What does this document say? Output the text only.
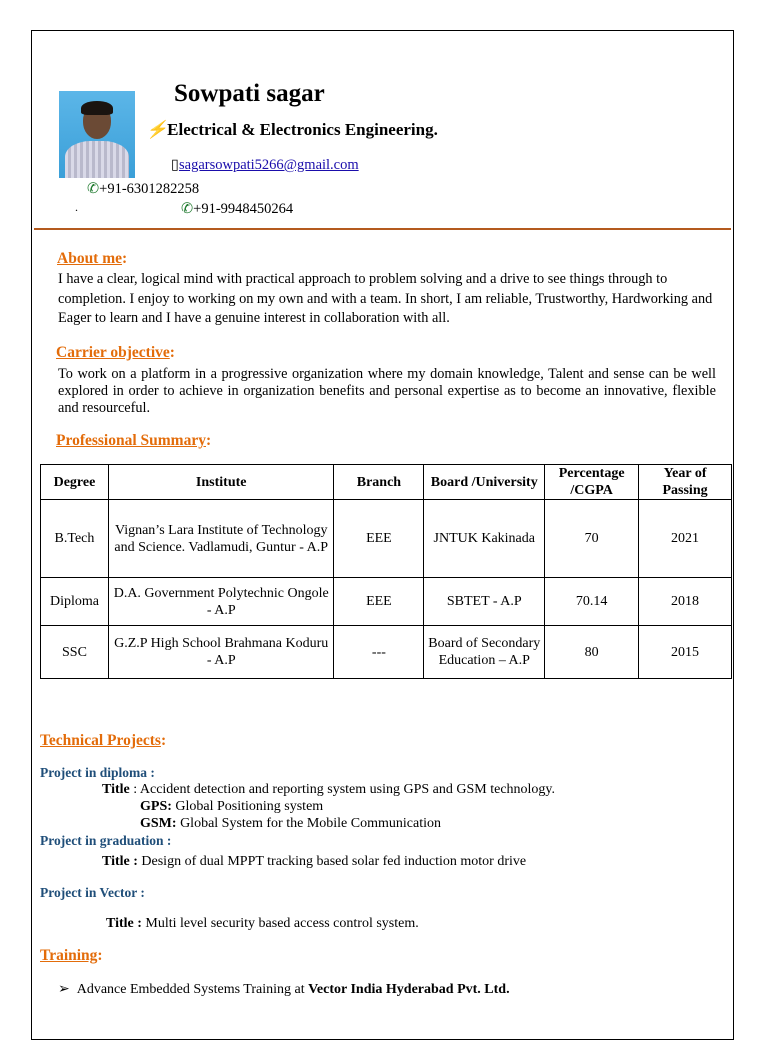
Sowpati sagar
⚡Electrical & Electronics Engineering.
▯sagarsowpati5266@gmail.com
✆+91-6301282258
.	✆+91-9948450264
About me:
I have a clear, logical mind with practical approach to problem solving and a drive to see things through to completion. I enjoy to working on my own and with a team. In short, I am reliable, Trustworthy, Hardworking and Eager to learn and I have a genuine interest in collaboration with all.
Carrier objective:
To work on a platform in a progressive organization where my domain knowledge, Talent and sense can be well explored in order to achieve in organization benefits and personal expertise as to become an innovative, flexible and resourceful.
Professional Summary:
Degree	Institute	Branch	Board /University	Percentage /CGPA	Year of Passing
B.Tech	Vignan’s Lara Institute of Technology and Science. Vadlamudi, Guntur - A.P	EEE	JNTUK Kakinada	70	2021
Diploma	D.A. Government Polytechnic Ongole - A.P	EEE	SBTET - A.P	70.14	2018
SSC	G.Z.P High School Brahmana Koduru - A.P	---	Board of Secondary Education – A.P	80	2015
Technical Projects:
Project in diploma :
Title : Accident detection and reporting system using GPS and GSM technology.
GPS: Global Positioning system
GSM: Global System for the Mobile Communication
Project in graduation :
Title : Design of dual MPPT tracking based solar fed induction motor drive
Project in Vector :
Title : Multi level security based access control system.
Training:
➢ Advance Embedded Systems Training at Vector India Hyderabad Pvt. Ltd.
